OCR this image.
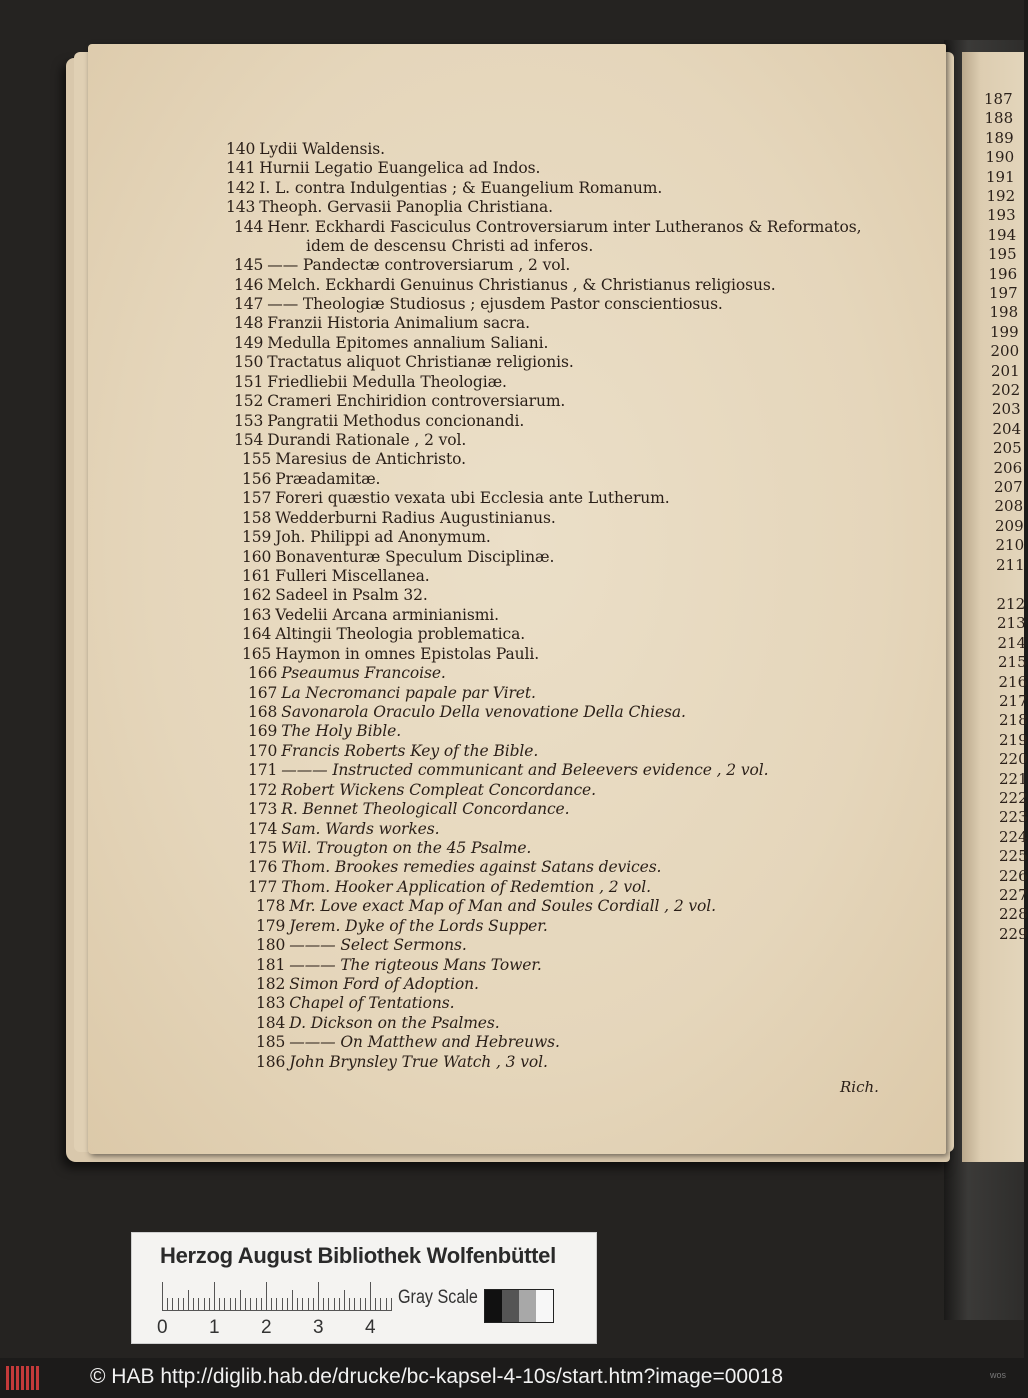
187
188
189
190
191
192
193
194
195
196
197
198
199
200
201
202
203
204
205
206
207
208
209
210
211
212
213
214
215
216
217
218
219
220
221
222
223
224
225
226
227
228
229
140 Lydii Waldensis.
141 Hurnii Legatio Euangelica ad Indos.
142 I. L. contra Indulgentias ; & Euangelium Romanum.
143 Theoph. Gervasii Panoplia Christiana.
144 Henr. Eckhardi Fasciculus Controversiarum inter Lutheranos & Reformatos,
145 —— Pandectæ controversiarum , 2 vol.
146 Melch. Eckhardi Genuinus Christianus , & Christianus religiosus.
147 —— Theologiæ Studiosus ; ejusdem Pastor conscientiosus.
148 Franzii Historia Animalium sacra.
149 Medulla Epitomes annalium Saliani.
150 Tractatus aliquot Christianæ religionis.
151 Friedliebii Medulla Theologiæ.
152 Crameri Enchiridion controversiarum.
153 Pangratii Methodus concionandi.
154 Durandi Rationale , 2 vol.
155 Maresius de Antichristo.
156 Præadamitæ.
157 Foreri quæstio vexata ubi Ecclesia ante Lutherum.
158 Wedderburni Radius Augustinianus.
159 Joh. Philippi ad Anonymum.
160 Bonaventuræ Speculum Disciplinæ.
161 Fulleri Miscellanea.
162 Sadeel in Psalm 32.
163 Vedelii Arcana arminianismi.
164 Altingii Theologia problematica.
165 Haymon in omnes Epistolas Pauli.
166 Pseaumus Francoise.
167 La Necromanci papale par Viret.
168 Savonarola Oraculo Della venovatione Della Chiesa.
169 The Holy Bible.
170 Francis Roberts Key of the Bible.
171 ——— Instructed communicant and Beleevers evidence , 2 vol.
172 Robert Wickens Compleat Concordance.
173 R. Bennet Theologicall Concordance.
174 Sam. Wards workes.
175 Wil. Trougton on the 45 Psalme.
176 Thom. Brookes remedies against Satans devices.
177 Thom. Hooker Application of Redemtion , 2 vol.
178 Mr. Love exact Map of Man and Soules Cordiall , 2 vol.
179 Jerem. Dyke of the Lords Supper.
180 ——— Select Sermons.
181 ——— The rigteous Mans Tower.
182 Simon Ford of Adoption.
183 Chapel of Tentations.
184 D. Dickson on the Psalmes.
185 ——— On Matthew and Hebreuws.
186 John Brynsley True Watch , 3 vol.
idem de descensu Christi ad inferos.
Rich.
Herzog August Bibliothek Wolfenbüttel
0 1 2 3 4
Gray Scale
© HAB http://diglib.hab.de/drucke/bc-kapsel-4-10s/start.htm?image=00018	wos
